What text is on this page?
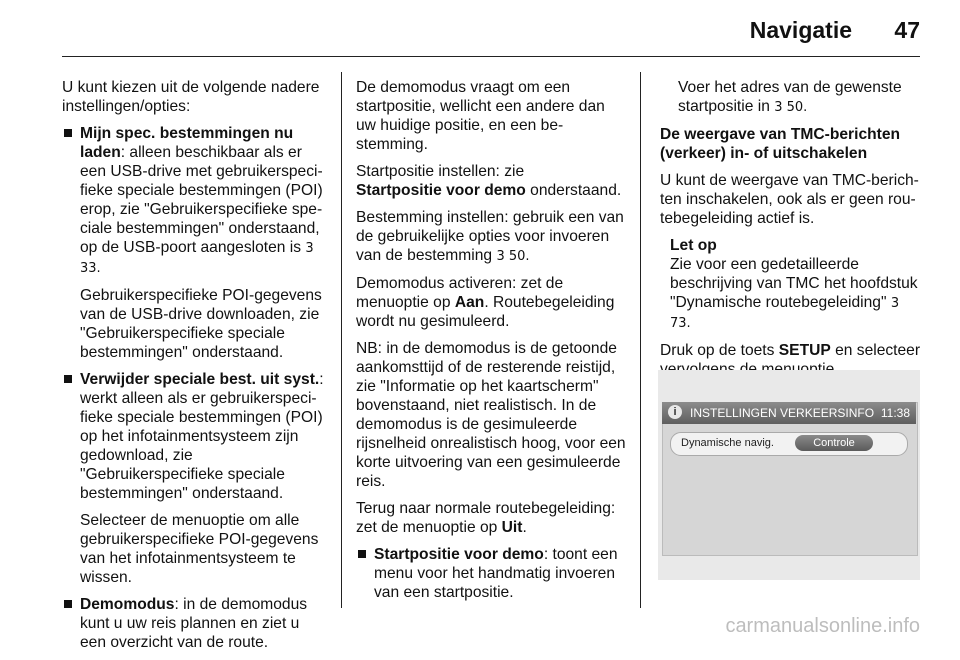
Navigatie 47

U kunt kiezen uit de volgende nadere instellingen/opties:

Mijn spec. bestemmingen nu laden: alleen beschikbaar als er een USB-drive met gebruikerspecifieke speciale bestemmingen (POI) erop, zie "Gebruikerspecifieke speciale bestemmingen" onderstaand, op de USB-poort aangesloten is 3 33.

Gebruikerspecifieke POI-gegevens van de USB-drive downloaden, zie "Gebruikerspecifieke speciale bestemmingen" onderstaand.

Verwijder speciale best. uit syst.: werkt alleen als er gebruikerspecifieke speciale bestemmingen (POI) op het infotainmentsysteem zijn gedownload, zie "Gebruikerspecifieke speciale bestemmingen" onderstaand.

Selecteer de menuoptie om alle gebruikerspecifieke POI-gegevens van het infotainmentsysteem te wissen.

Demomodus: in de demomodus kunt u uw reis plannen en ziet u een overzicht van de route.

De demomodus vraagt om een startpositie, wellicht een andere dan uw huidige positie, en een bestemming.

Startpositie instellen: zie
Startpositie voor demo onderstaand.

Bestemming instellen: gebruik een van de gebruikelijke opties voor invoeren van de bestemming 3 50.

Demomodus activeren: zet de menuoptie op Aan. Routebegeleiding wordt nu gesimuleerd.

NB: in de demomodus is de getoonde aankomsttijd of de resterende reistijd, zie "Informatie op het kaartscherm" bovenstaand, niet realistisch. In de demomodus is de gesimuleerde rijsnelheid onrealistisch hoog, voor een korte uitvoering van een gesimuleerde reis.

Terug naar normale routebegeleiding: zet de menuoptie op Uit.

Startpositie voor demo: toont een menu voor het handmatig invoeren van een startpositie.

Voer het adres van de gewenste startpositie in 3 50.

De weergave van TMC-berichten (verkeer) in- of uitschakelen

U kunt de weergave van TMC-berichten inschakelen, ook als er geen routebegeleiding actief is.

Let op
Zie voor een gedetailleerde beschrijving van TMC het hoofdstuk "Dynamische routebegeleiding" 3 73.

Druk op de toets SETUP en selecteer

i	INSTELLINGEN VERKEERSINFO 11:38
Dynamische navig.	Controle
carmanualsonline.info
